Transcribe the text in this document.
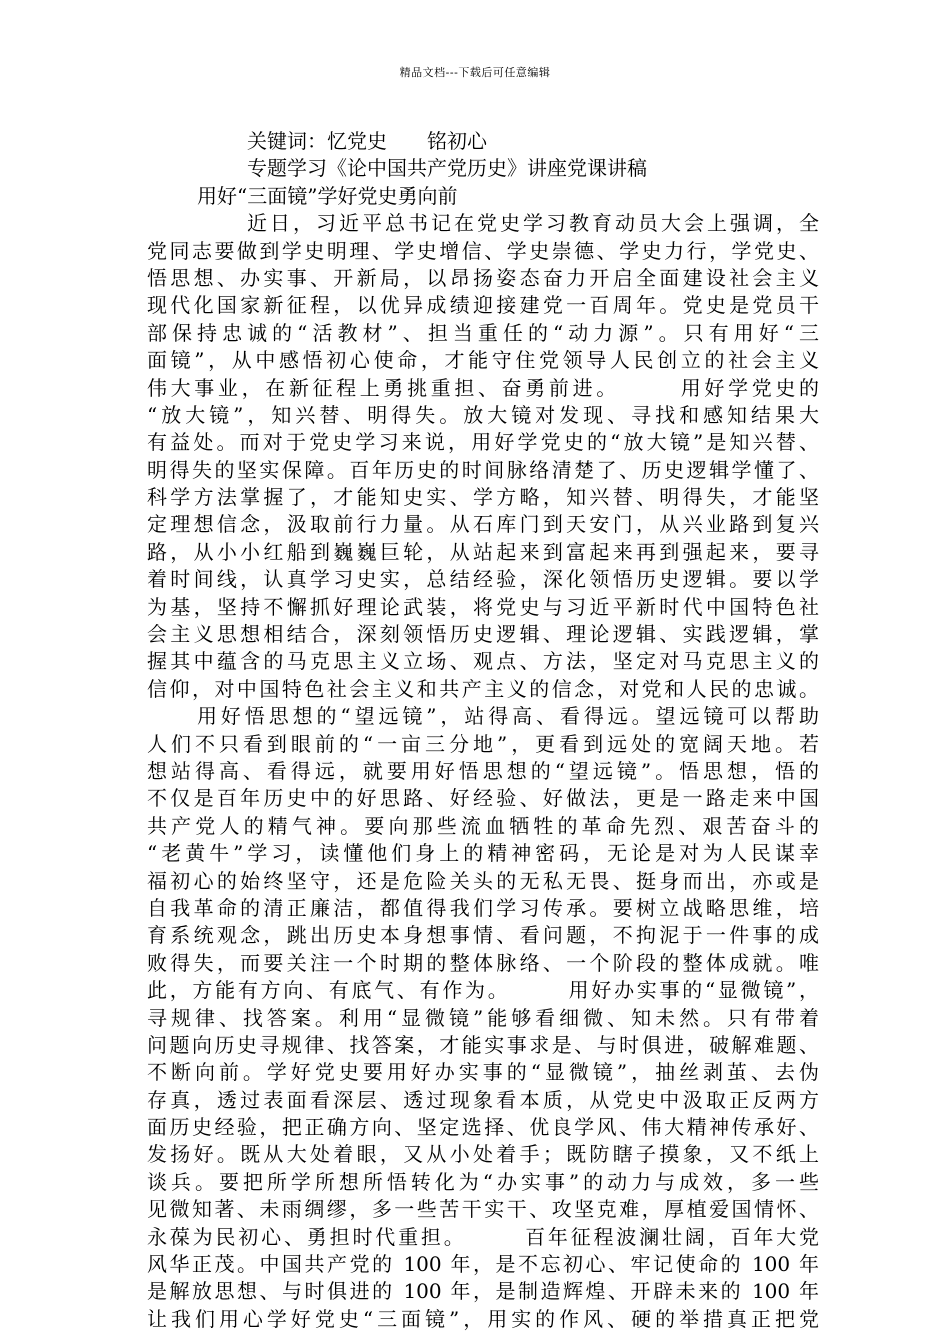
精品文档---下载后可任意编辑
关键词：忆党史　　铭初心
专题学习《论中国共产党历史》讲座党课讲稿
用好“三面镜”学好党史勇向前
近日，习近平总书记在党史学习教育动员大会上强调，全
党同志要做到学史明理、学史增信、学史崇德、学史力行，学党史、
悟思想、办实事、开新局，以昂扬姿态奋力开启全面建设社会主义
现代化国家新征程，以优异成绩迎接建党一百周年。党史是党员干
部保持忠诚的“活教材”、担当重任的“动力源”。只有用好“三
面镜”，从中感悟初心使命，才能守住党领导人民创立的社会主义
伟大事业，在新征程上勇挑重担、奋勇前进。　　　用好学党史的
“放大镜”，知兴替、明得失。放大镜对发现、寻找和感知结果大
有益处。而对于党史学习来说，用好学党史的“放大镜”是知兴替、
明得失的坚实保障。百年历史的时间脉络清楚了、历史逻辑学懂了、
科学方法掌握了，才能知史实、学方略，知兴替、明得失，才能坚
定理想信念，汲取前行力量。从石库门到天安门，从兴业路到复兴
路，从小小红船到巍巍巨轮，从站起来到富起来再到强起来，要寻
着时间线，认真学习史实，总结经验，深化领悟历史逻辑。要以学
为基，坚持不懈抓好理论武装，将党史与习近平新时代中国特色社
会主义思想相结合，深刻领悟历史逻辑、理论逻辑、实践逻辑，掌
握其中蕴含的马克思主义立场、观点、方法，坚定对马克思主义的
信仰，对中国特色社会主义和共产主义的信念，对党和人民的忠诚。
用好悟思想的“望远镜”，站得高、看得远。望远镜可以帮助
人们不只看到眼前的“一亩三分地”，更看到远处的宽阔天地。若
想站得高、看得远，就要用好悟思想的“望远镜”。悟思想，悟的
不仅是百年历史中的好思路、好经验、好做法，更是一路走来中国
共产党人的精气神。要向那些流血牺牲的革命先烈、艰苦奋斗的
“老黄牛”学习，读懂他们身上的精神密码，无论是对为人民谋幸
福初心的始终坚守，还是危险关头的无私无畏、挺身而出，亦或是
自我革命的清正廉洁，都值得我们学习传承。要树立战略思维，培
育系统观念，跳出历史本身想事情、看问题，不拘泥于一件事的成
败得失，而要关注一个时期的整体脉络、一个阶段的整体成就。唯
此，方能有方向、有底气、有作为。　　　用好办实事的“显微镜”，
寻规律、找答案。利用“显微镜”能够看细微、知未然。只有带着
问题向历史寻规律、找答案，才能实事求是、与时俱进，破解难题、
不断向前。学好党史要用好办实事的“显微镜”，抽丝剥茧、去伪
存真，透过表面看深层、透过现象看本质，从党史中汲取正反两方
面历史经验，把正确方向、坚定选择、优良学风、伟大精神传承好、
发扬好。既从大处着眼，又从小处着手；既防瞎子摸象，又不纸上
谈兵。要把所学所想所悟转化为“办实事”的动力与成效，多一些
见微知著、未雨绸缪，多一些苦干实干、攻坚克难，厚植爱国情怀、
永葆为民初心、勇担时代重担。　　　百年征程波澜壮阔，百年大党
风华正茂。中国共产党的 100 年，是不忘初心、牢记使命的 100 年
是解放思想、与时俱进的 100 年，是制造辉煌、开辟未来的 100 年
让我们用心学好党史“三面镜”，用实的作风、硬的举措真正把党
